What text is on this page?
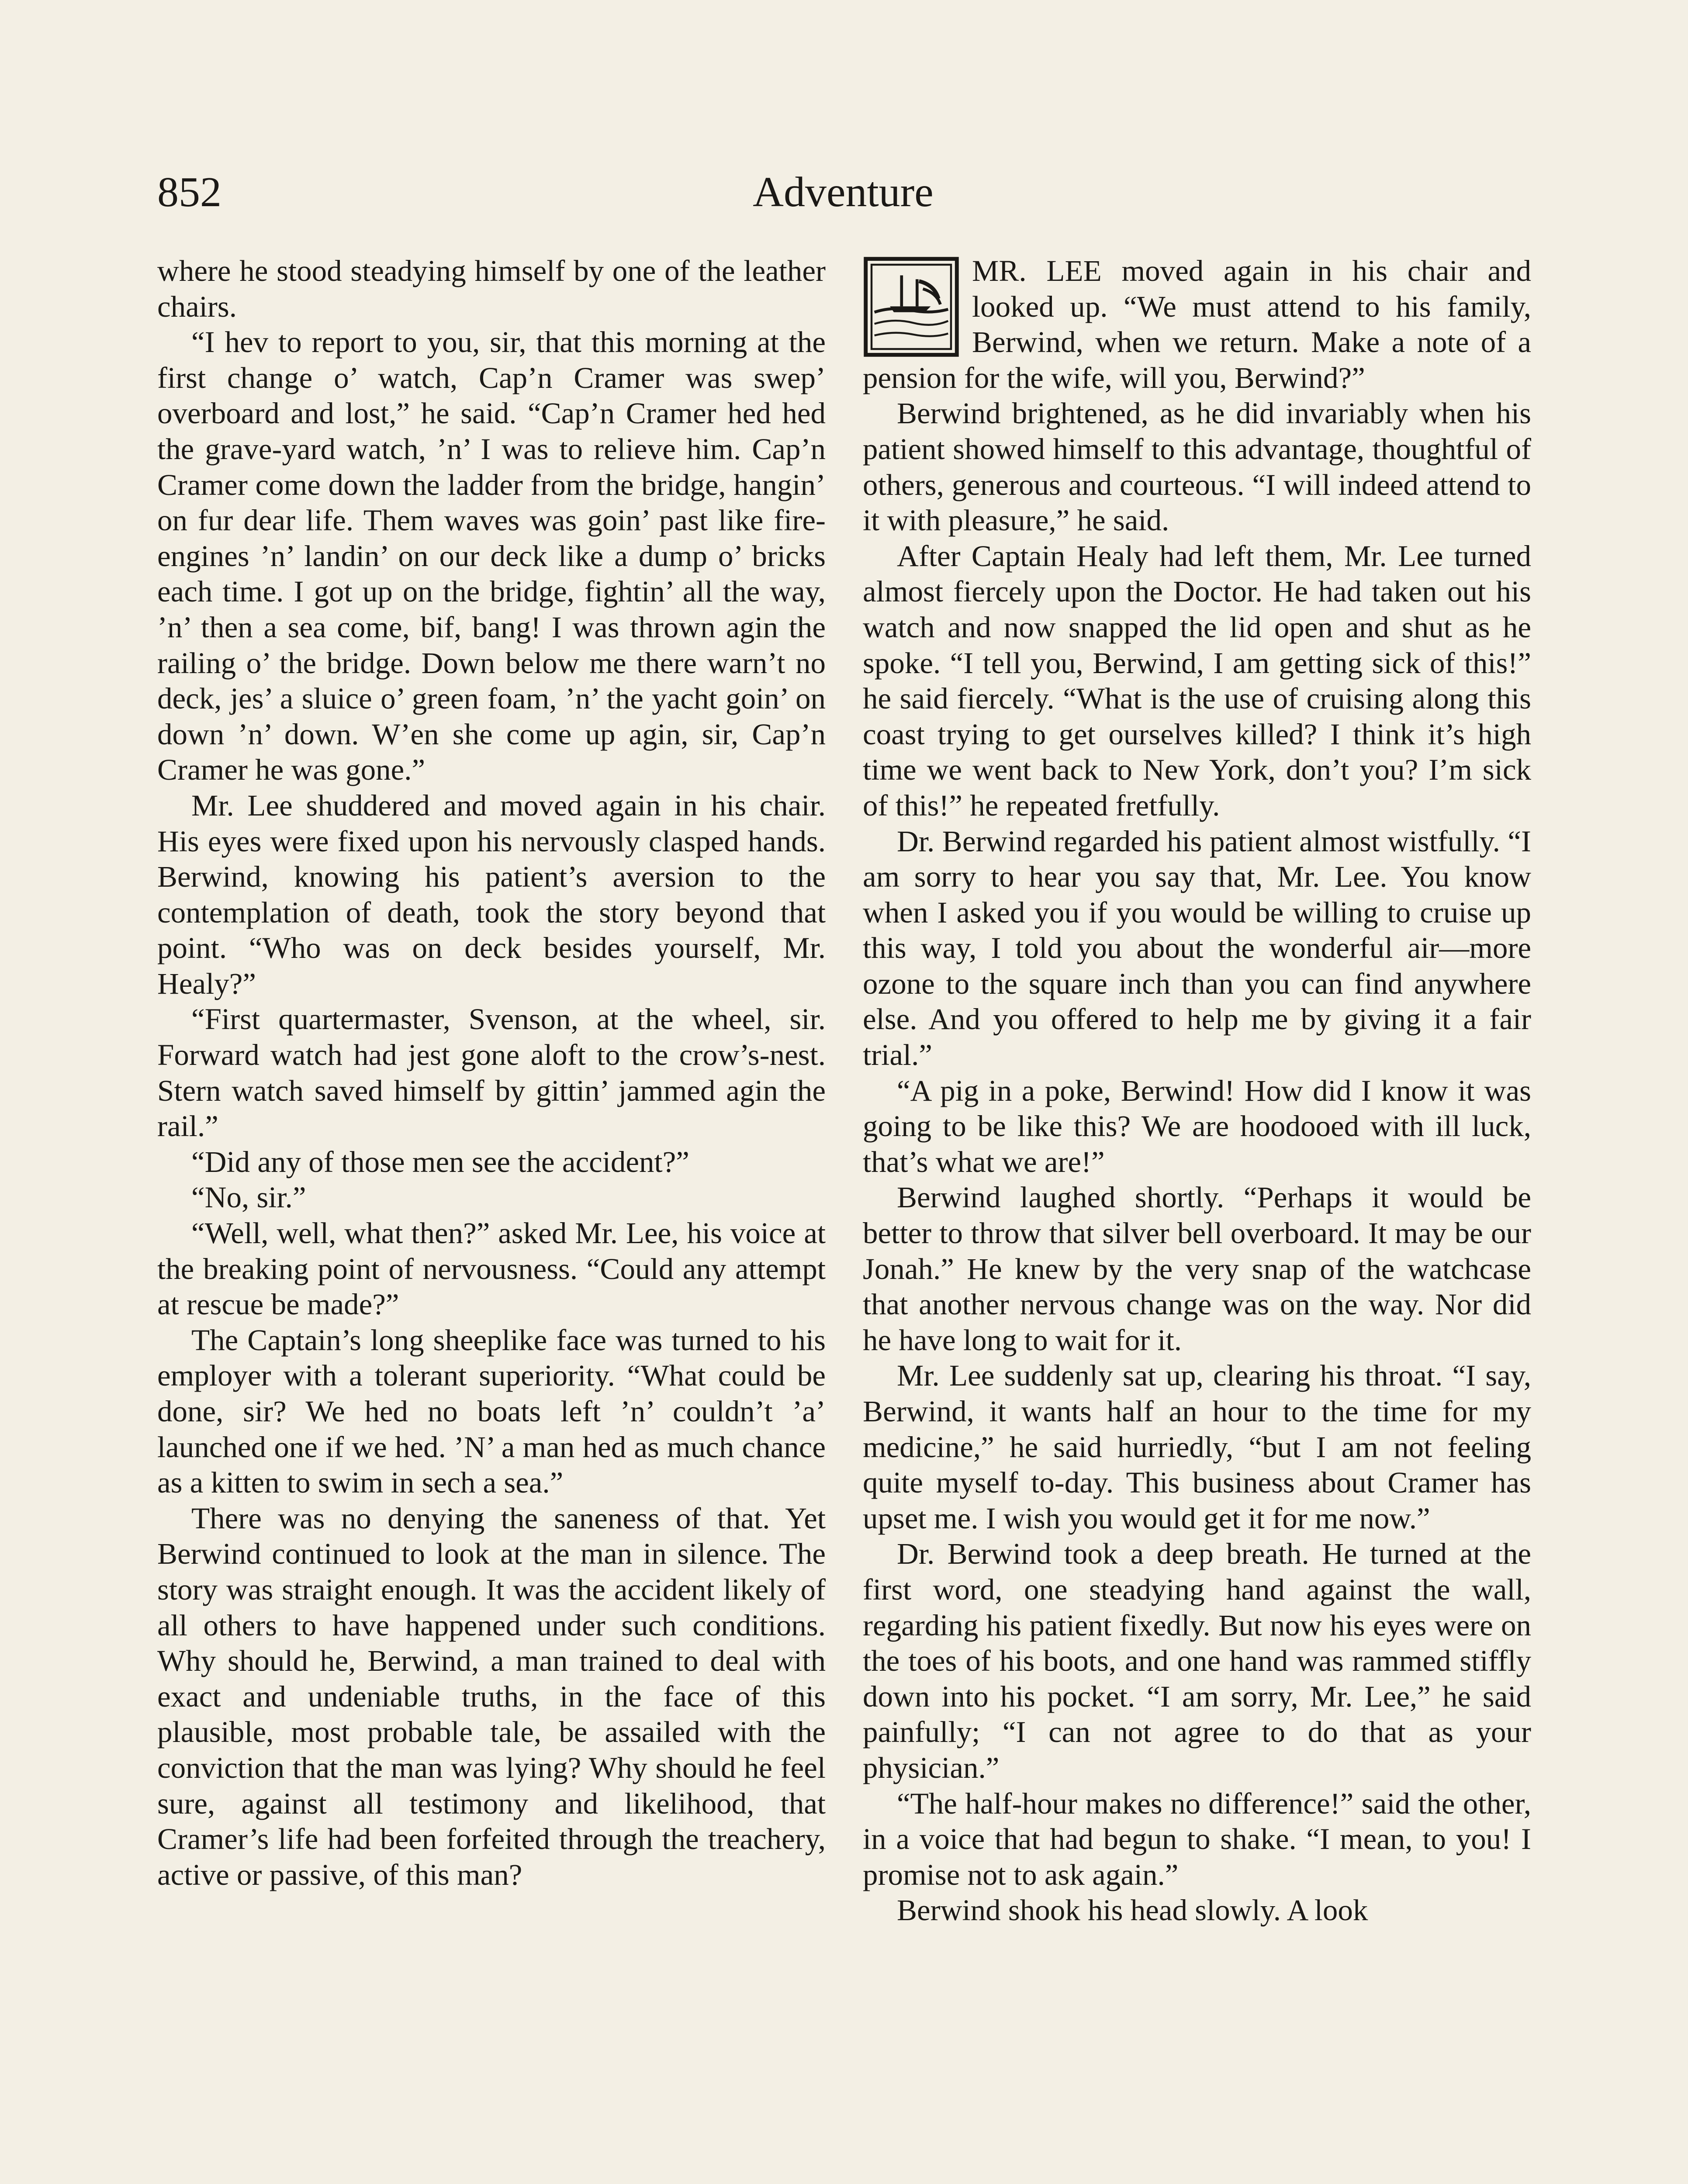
852	Adventure

where he stood steadying himself by one of the leather chairs.

“I hev to report to you, sir, that this morning at the first change o’ watch, Cap’n Cramer was swep’ overboard and lost,” he said. “Cap’n Cramer hed hed the grave-yard watch, ’n’ I was to relieve him. Cap’n Cramer come down the ladder from the bridge, hangin’ on fur dear life. Them waves was goin’ past like fire-engines ’n’ landin’ on our deck like a dump o’ bricks each time. I got up on the bridge, fightin’ all the way, ’n’ then a sea come, bif, bang! I was thrown agin the railing o’ the bridge. Down below me there warn’t no deck, jes’ a sluice o’ green foam, ’n’ the yacht goin’ on down ’n’ down. W’en she come up agin, sir, Cap’n Cramer he was gone.”

Mr. Lee shuddered and moved again in his chair. His eyes were fixed upon his nervously clasped hands. Berwind, knowing his patient’s aversion to the contemplation of death, took the story beyond that point. “Who was on deck besides yourself, Mr. Healy?”

“First quartermaster, Svenson, at the wheel, sir. Forward watch had jest gone aloft to the crow’s-nest. Stern watch saved himself by gittin’ jammed agin the rail.”

“Did any of those men see the accident?”

“No, sir.”

“Well, well, what then?” asked Mr. Lee, his voice at the breaking point of nervousness. “Could any attempt at rescue be made?”

The Captain’s long sheeplike face was turned to his employer with a tolerant superiority. “What could be done, sir? We hed no boats left ’n’ couldn’t ’a’ launched one if we hed. ’N’ a man hed as much chance as a kitten to swim in sech a sea.”

There was no denying the saneness of that. Yet Berwind continued to look at the man in silence. The story was straight enough. It was the accident likely of all others to have happened under such conditions. Why should he, Berwind, a man trained to deal with exact and undeniable truths, in the face of this plausible, most probable tale, be assailed with the conviction that the man was lying? Why should he feel sure, against all testimony and likelihood, that Cramer’s life had been forfeited through the treachery, active or passive, of this man?

MR. LEE moved again in his chair and looked up. “We must attend to his family, Berwind, when we return. Make a note of a pension for the wife, will you, Berwind?”

Berwind brightened, as he did invariably when his patient showed himself to this advantage, thoughtful of others, generous and courteous. “I will indeed attend to it with pleasure,” he said.

After Captain Healy had left them, Mr. Lee turned almost fiercely upon the Doctor. He had taken out his watch and now snapped the lid open and shut as he spoke. “I tell you, Berwind, I am getting sick of this!” he said fiercely. “What is the use of cruising along this coast trying to get ourselves killed? I think it’s high time we went back to New York, don’t you? I’m sick of this!” he repeated fretfully.

Dr. Berwind regarded his patient almost wistfully. “I am sorry to hear you say that, Mr. Lee. You know when I asked you if you would be willing to cruise up this way, I told you about the wonderful air—more ozone to the square inch than you can find anywhere else. And you offered to help me by giving it a fair trial.”

“A pig in a poke, Berwind! How did I know it was going to be like this? We are hoodooed with ill luck, that’s what we are!”

Berwind laughed shortly. “Perhaps it would be better to throw that silver bell overboard. It may be our Jonah.” He knew by the very snap of the watchcase that another nervous change was on the way. Nor did he have long to wait for it.

Mr. Lee suddenly sat up, clearing his throat. “I say, Berwind, it wants half an hour to the time for my medicine,” he said hurriedly, “but I am not feeling quite myself to-day. This business about Cramer has upset me. I wish you would get it for me now.”

Dr. Berwind took a deep breath. He turned at the first word, one steadying hand against the wall, regarding his patient fixedly. But now his eyes were on the toes of his boots, and one hand was rammed stiffly down into his pocket. “I am sorry, Mr. Lee,” he said painfully; “I can not agree to do that as your physician.”

“The half-hour makes no difference!” said the other, in a voice that had begun to shake. “I mean, to you! I promise not to ask again.”

Berwind shook his head slowly. A look
